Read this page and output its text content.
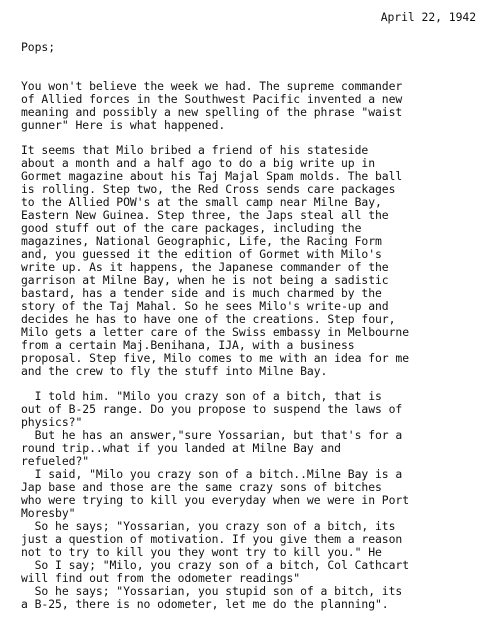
April 22, 1942
Pops;
You won't believe the week we had. The supreme commander
of Allied forces in the Southwest Pacific invented a new
meaning and possibly a new spelling of the phrase "waist
gunner" Here is what happened.
It seems that Milo bribed a friend of his stateside
about a month and a half ago to do a big write up in
Gormet magazine about his Taj Majal Spam molds. The ball
is rolling. Step two, the Red Cross sends care packages
to the Allied POW's at the small camp near Milne Bay,
Eastern New Guinea. Step three, the Japs steal all the
good stuff out of the care packages, including the
magazines, National Geographic, Life, the Racing Form
and, you guessed it the edition of Gormet with Milo's
write up. As it happens, the Japanese commander of the
garrison at Milne Bay, when he is not being a sadistic
bastard, has a tender side and is much charmed by the
story of the Taj Mahal. So he sees Milo's write-up and
decides he has to have one of the creations. Step four,
Milo gets a letter care of the Swiss embassy in Melbourne
from a certain Maj.Benihana, IJA, with a business
proposal. Step five, Milo comes to me with an idea for me
and the crew to fly the stuff into Milne Bay.
I told him. "Milo you crazy son of a bitch, that is
out of B-25 range. Do you propose to suspend the laws of
physics?"
But he has an answer,"sure Yossarian, but that's for a
round trip..what if you landed at Milne Bay and
refueled?"
I said, "Milo you crazy son of a bitch..Milne Bay is a
Jap base and those are the same crazy sons of bitches
who were trying to kill you everyday when we were in Port
Moresby"
So he says; "Yossarian, you crazy son of a bitch, its
just a question of motivation. If you give them a reason
not to try to kill you they wont try to kill you." He
So I say; "Milo, you crazy son of a bitch, Col Cathcart
will find out from the odometer readings"
So he says; "Yossarian, you stupid son of a bitch, its
a B-25, there is no odometer, let me do the planning".
